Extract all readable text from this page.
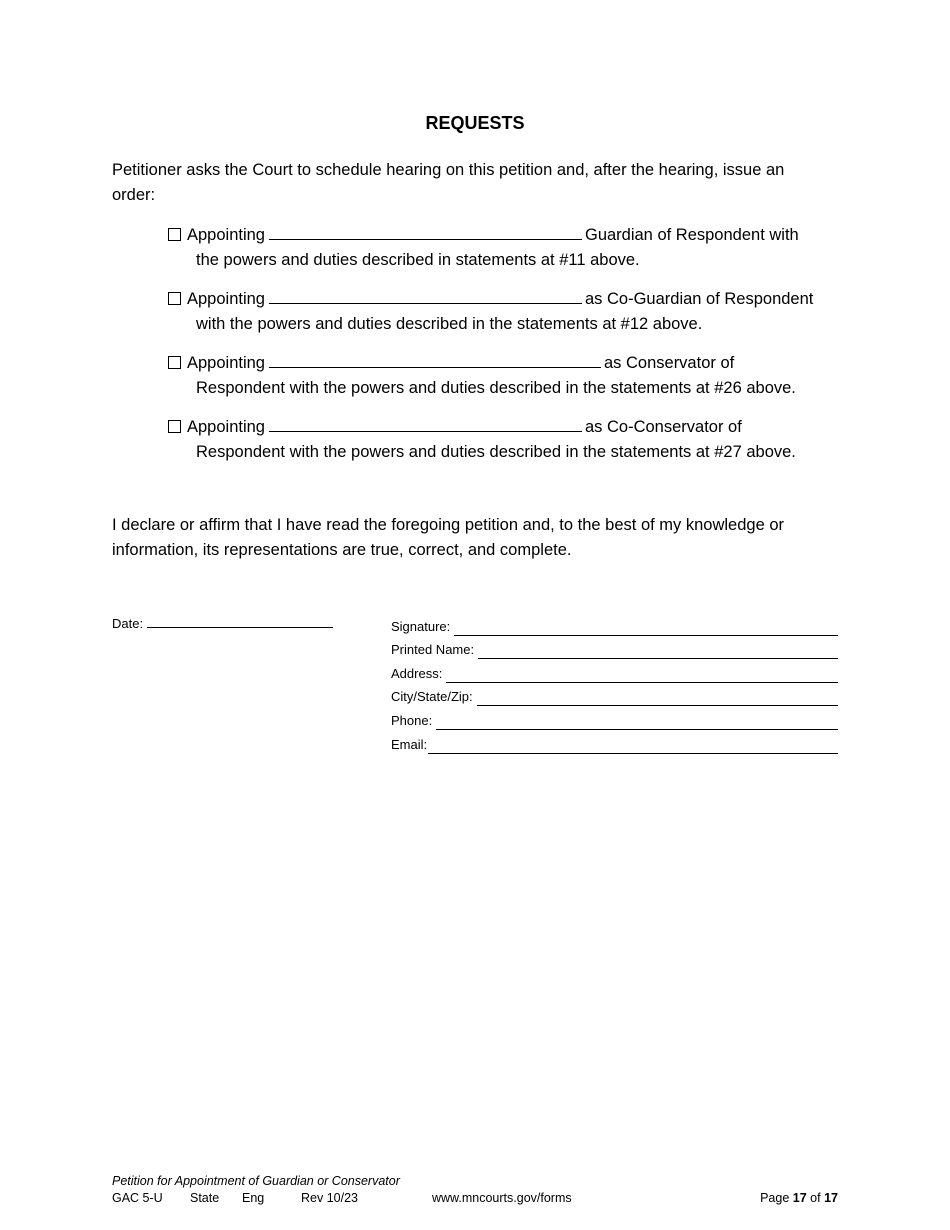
REQUESTS
Petitioner asks the Court to schedule hearing on this petition and, after the hearing, issue an order:
Appointing	Guardian of Respondent with
the powers and duties described in statements at #11 above.
Appointing	as Co-Guardian of Respondent
with the powers and duties described in the statements at #12 above.
Appointing	as Conservator of
Respondent with the powers and duties described in the statements at #26 above.
Appointing	as Co-Conservator of
Respondent with the powers and duties described in the statements at #27 above.
I declare or affirm that I have read the foregoing petition and, to the best of my knowledge or information, its representations are true, correct, and complete.
Date:	Signature:
Printed Name:
Address:
City/State/Zip:
Phone:
Email:
Petition for Appointment of Guardian or Conservator
GAC 5-U State Eng	Rev 10/23	www.mncourts.gov/forms	Page 17 of 17
